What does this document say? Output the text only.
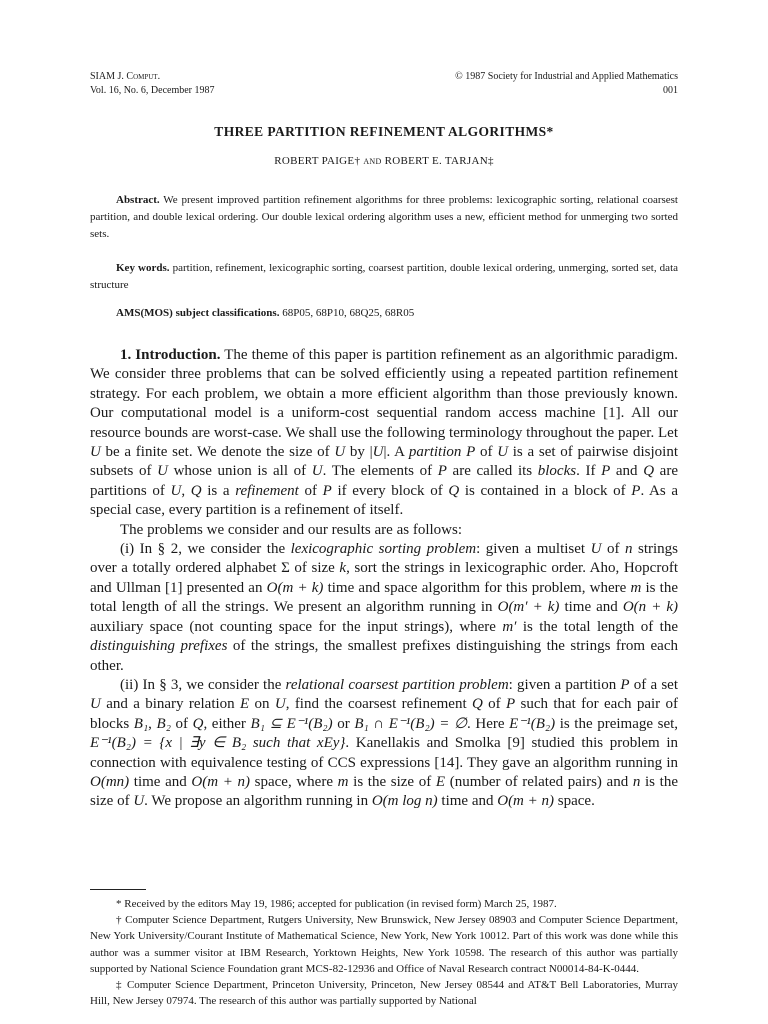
SIAM J. Comput.
Vol. 16, No. 6, December 1987
© 1987 Society for Industrial and Applied Mathematics
001
THREE PARTITION REFINEMENT ALGORITHMS*
ROBERT PAIGE† and ROBERT E. TARJAN‡
Abstract. We present improved partition refinement algorithms for three problems: lexicographic sorting, relational coarsest partition, and double lexical ordering. Our double lexical ordering algorithm uses a new, efficient method for unmerging two sorted sets.
Key words. partition, refinement, lexicographic sorting, coarsest partition, double lexical ordering, unmerging, sorted set, data structure
AMS(MOS) subject classifications. 68P05, 68P10, 68Q25, 68R05

1. Introduction. The theme of this paper is partition refinement as an algorithmic paradigm. We consider three problems that can be solved efficiently using a repeated partition refinement strategy. For each problem, we obtain a more efficient algorithm than those previously known. Our computational model is a uniform-cost sequential random access machine [1]. All our resource bounds are worst-case. We shall use the following terminology throughout the paper. Let U be a finite set. We denote the size of U by |U|. A partition P of U is a set of pairwise disjoint subsets of U whose union is all of U. The elements of P are called its blocks. If P and Q are partitions of U, Q is a refinement of P if every block of Q is contained in a block of P. As a special case, every partition is a refinement of itself.

The problems we consider and our results are as follows:

(i) In § 2, we consider the lexicographic sorting problem: given a multiset U of n strings over a totally ordered alphabet Σ of size k, sort the strings in lexicographic order. Aho, Hopcroft and Ullman [1] presented an O(m + k) time and space algorithm for this problem, where m is the total length of all the strings. We present an algorithm running in O(m′ + k) time and O(n + k) auxiliary space (not counting space for the input strings), where m′ is the total length of the distinguishing prefixes of the strings, the smallest prefixes distinguishing the strings from each other.

(ii) In § 3, we consider the relational coarsest partition problem: given a partition P of a set U and a binary relation E on U, find the coarsest refinement Q of P such that for each pair of blocks B₁, B₂ of Q, either B₁ ⊆ E⁻¹(B₂) or B₁ ∩ E⁻¹(B₂) = ∅. Here E⁻¹(B₂) is the preimage set, E⁻¹(B₂) = {x | ∃y ∈ B₂ such that xEy}. Kanellakis and Smolka [9] studied this problem in connection with equivalence testing of CCS expressions [14]. They gave an algorithm running in O(mn) time and O(m + n) space, where m is the size of E (number of related pairs) and n is the size of U. We propose an algorithm running in O(m log n) time and O(m + n) space.

* Received by the editors May 19, 1986; accepted for publication (in revised form) March 25, 1987.

† Computer Science Department, Rutgers University, New Brunswick, New Jersey 08903 and Computer Science Department, New York University/Courant Institute of Mathematical Science, New York, New York 10012. Part of this work was done while this author was a summer visitor at IBM Research, Yorktown Heights, New York 10598. The research of this author was partially supported by National Science Foundation grant MCS-82-12936 and Office of Naval Research contract N00014-84-K-0444.

‡ Computer Science Department, Princeton University, Princeton, New Jersey 08544 and AT&T Bell Laboratories, Murray Hill, New Jersey 07974. The research of this author was partially supported by National
